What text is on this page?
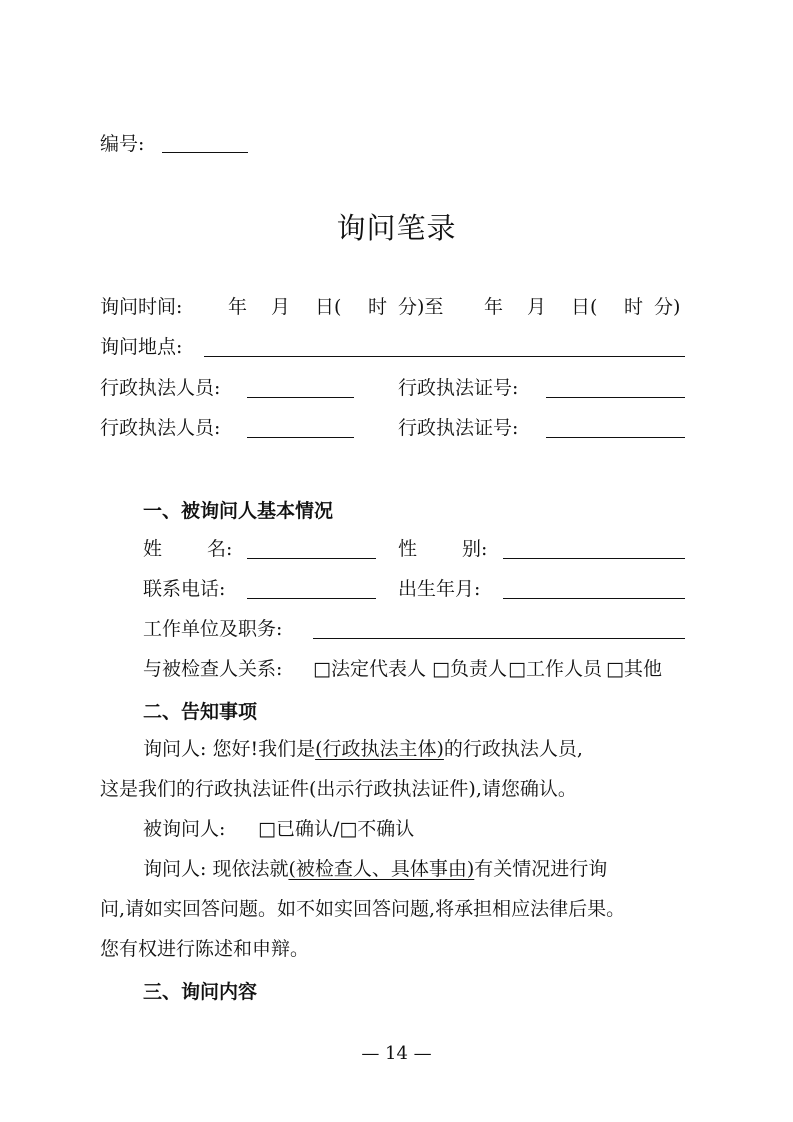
编号:
询问笔录
询问时间: 年 月 日( 时 分)至 年 月 日( 时 分)
询问地点:
行政执法人员:	行政执法证号:
行政执法人员:	行政执法证号:
一、被询问人基本情况
姓 名:	性 别:
联系电话:	出生年月:
工作单位及职务:
与被检查人关系: □法定代表人 □负责人 □工作人员 □其他
二、告知事项
询问人: 您好!我们是(行政执法主体)的行政执法人员,
这是我们的行政执法证件(出示行政执法证件),请您确认。
被询问人: □已确认/□不确认
询问人: 现依法就(被检查人、具体事由)有关情况进行询
问,请如实回答问题。如不如实回答问题,将承担相应法律后果。
您有权进行陈述和申辩。
三、询问内容
— 14 —
